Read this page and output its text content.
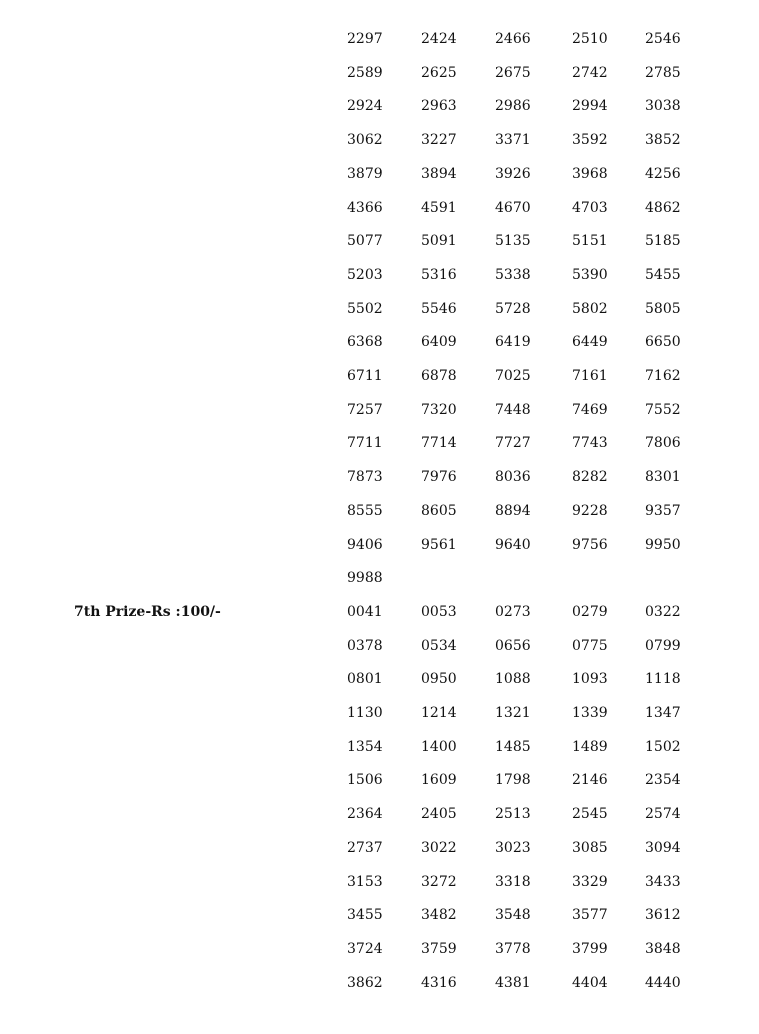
2297	2424	2466	2510	2546
2589	2625	2675	2742	2785
2924	2963	2986	2994	3038
3062	3227	3371	3592	3852
3879	3894	3926	3968	4256
4366	4591	4670	4703	4862
5077	5091	5135	5151	5185
5203	5316	5338	5390	5455
5502	5546	5728	5802	5805
6368	6409	6419	6449	6650
6711	6878	7025	7161	7162
7257	7320	7448	7469	7552
7711	7714	7727	7743	7806
7873	7976	8036	8282	8301
8555	8605	8894	9228	9357
9406	9561	9640	9756	9950
9988
7th Prize-Rs :100/-	0041	0053	0273	0279	0322
0378	0534	0656	0775	0799
0801	0950	1088	1093	1118
1130	1214	1321	1339	1347
1354	1400	1485	1489	1502
1506	1609	1798	2146	2354
2364	2405	2513	2545	2574
2737	3022	3023	3085	3094
3153	3272	3318	3329	3433
3455	3482	3548	3577	3612
3724	3759	3778	3799	3848
3862	4316	4381	4404	4440
